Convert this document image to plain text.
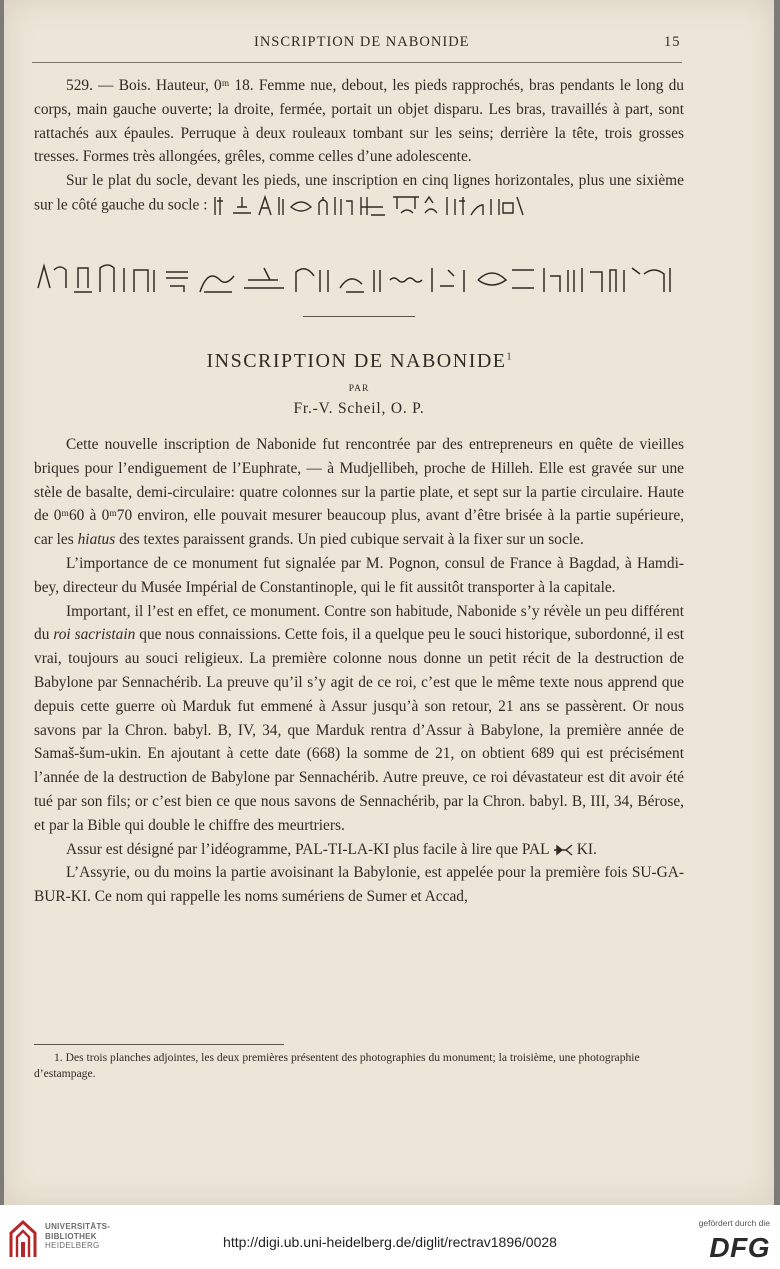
INSCRIPTION DE NABONIDE	15

529. — Bois. Hauteur, 0ᵐ 18. Femme nue, debout, les pieds rapprochés, bras pendants le long du corps, main gauche ouverte; la droite, fermée, portait un objet disparu. Les bras, travaillés à part, sont rattachés aux épaules. Perruque à deux rouleaux tombant sur les seins; derrière la tête, trois grosses tresses. Formes très allongées, grêles, comme celles d’une adolescente.

Sur le plat du socle, devant les pieds, une inscription en cinq lignes horizontales, plus une sixième sur le côté gauche du socle :

INSCRIPTION DE NABONIDE$^1$
PAR
Fr.-V. Scheil, O. P.

Cette nouvelle inscription de Nabonide fut rencontrée par des entrepreneurs en quête de vieilles briques pour l’endiguement de l’Euphrate, — à Mudjellibeh, proche de Hilleh. Elle est gravée sur une stèle de basalte, demi-circulaire: quatre colonnes sur la partie plate, et sept sur la partie circulaire. Haute de 0ᵐ60 à 0ᵐ70 environ, elle pouvait mesurer beaucoup plus, avant d’être brisée à la partie supérieure, car les hiatus des textes paraissent grands. Un pied cubique servait à la fixer sur un socle.

L’importance de ce monument fut signalée par M. Pognon, consul de France à Bagdad, à Hamdi-bey, directeur du Musée Impérial de Constantinople, qui le fit aussitôt transporter à la capitale.

Important, il l’est en effet, ce monument. Contre son habitude, Nabonide s’y révèle un peu différent du roi sacristain que nous connaissions. Cette fois, il a quelque peu le souci historique, subordonné, il est vrai, toujours au souci religieux. La première colonne nous donne un petit récit de la destruction de Babylone par Sennachérib. La preuve qu’il s’y agit de ce roi, c’est que le même texte nous apprend que depuis cette guerre où Marduk fut emmené à Assur jusqu’à son retour, 21 ans se passèrent. Or nous savons par la Chron. babyl. B, IV, 34, que Marduk rentra d’Assur à Babylone, la première année de Samaš-šum-ukin. En ajoutant à cette date (668) la somme de 21, on obtient 689 qui est précisément l’année de la destruction de Babylone par Sennachérib. Autre preuve, ce roi dévastateur est dit avoir été tué par son fils; or c’est bien ce que nous savons de Sennachérib, par la Chron. babyl. B, III, 34, Bérose, et par la Bible qui double le chiffre des meurtriers.

Assur est désigné par l’idéogramme, PAL-TI-LA-KI plus facile à lire que PAL KI.

L’Assyrie, ou du moins la partie avoisinant la Babylonie, est appelée pour la première fois SU-GA-BUR-KI. Ce nom qui rappelle les noms sumériens de Sumer et Accad,

1. Des trois planches adjointes, les deux premières présentent des photographies du monument; la troisième, une photographie d’estampage.

UNIVERSITÄTS-
BIBLIOTHEK
HEIDELBERG	http://digi.ub.uni-heidelberg.de/diglit/rectrav1896/0028
gefördert durch die
DFG
